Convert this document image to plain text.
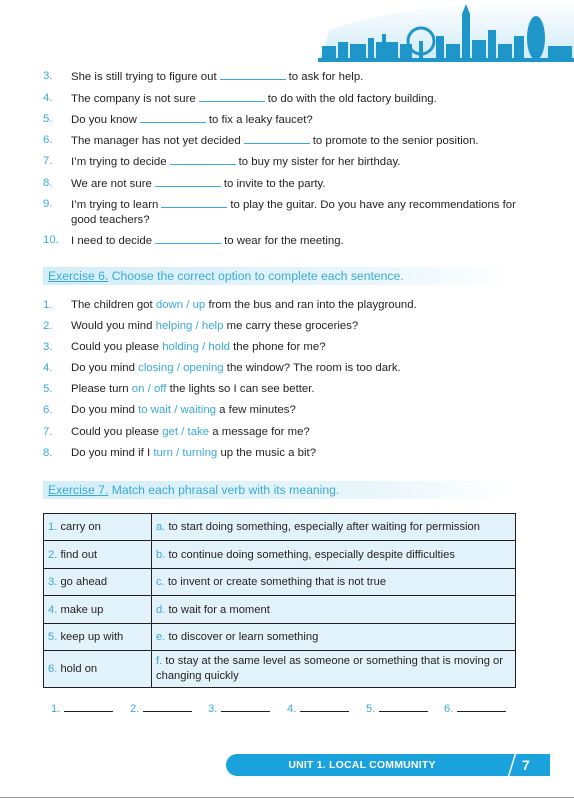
3. She is still trying to figure out	to ask for help.
4. The company is not sure	to do with the old factory building.
5. Do you know	to fix a leaky faucet?
6. The manager has not yet decided	to promote to the senior position.
7. I’m trying to decide	to buy my sister for her birthday.
8. We are not sure	to invite to the party.
9. I’m trying to learn	to play the guitar. Do you have any recommendations for good teachers?
10. I need to decide	to wear for the meeting.
Exercise 6. Choose the correct option to complete each sentence.
1. The children got down / up from the bus and ran into the playground.
2. Would you mind helping / help me carry these groceries?
3. Could you please holding / hold the phone for me?
4. Do you mind closing / opening the window? The room is too dark.
5. Please turn on / off the lights so I can see better.
6. Do you mind to wait / waiting a few minutes?
7. Could you please get / take a message for me?
8. Do you mind if I turn / turning up the music a bit?
Exercise 7. Match each phrasal verb with its meaning.
1. carry on	a. to start doing something, especially after waiting for permission
2. find out	b. to continue doing something, especially despite difficulties
3. go ahead	c. to invent or create something that is not true
4. make up	d. to wait for a moment
5. keep up with	e. to discover or learn something
6. hold on	f. to stay at the same level as someone or something that is moving or changing quickly
1.	2.	3.	4.	5.	6.
UNIT 1. LOCAL COMMUNITY	7
